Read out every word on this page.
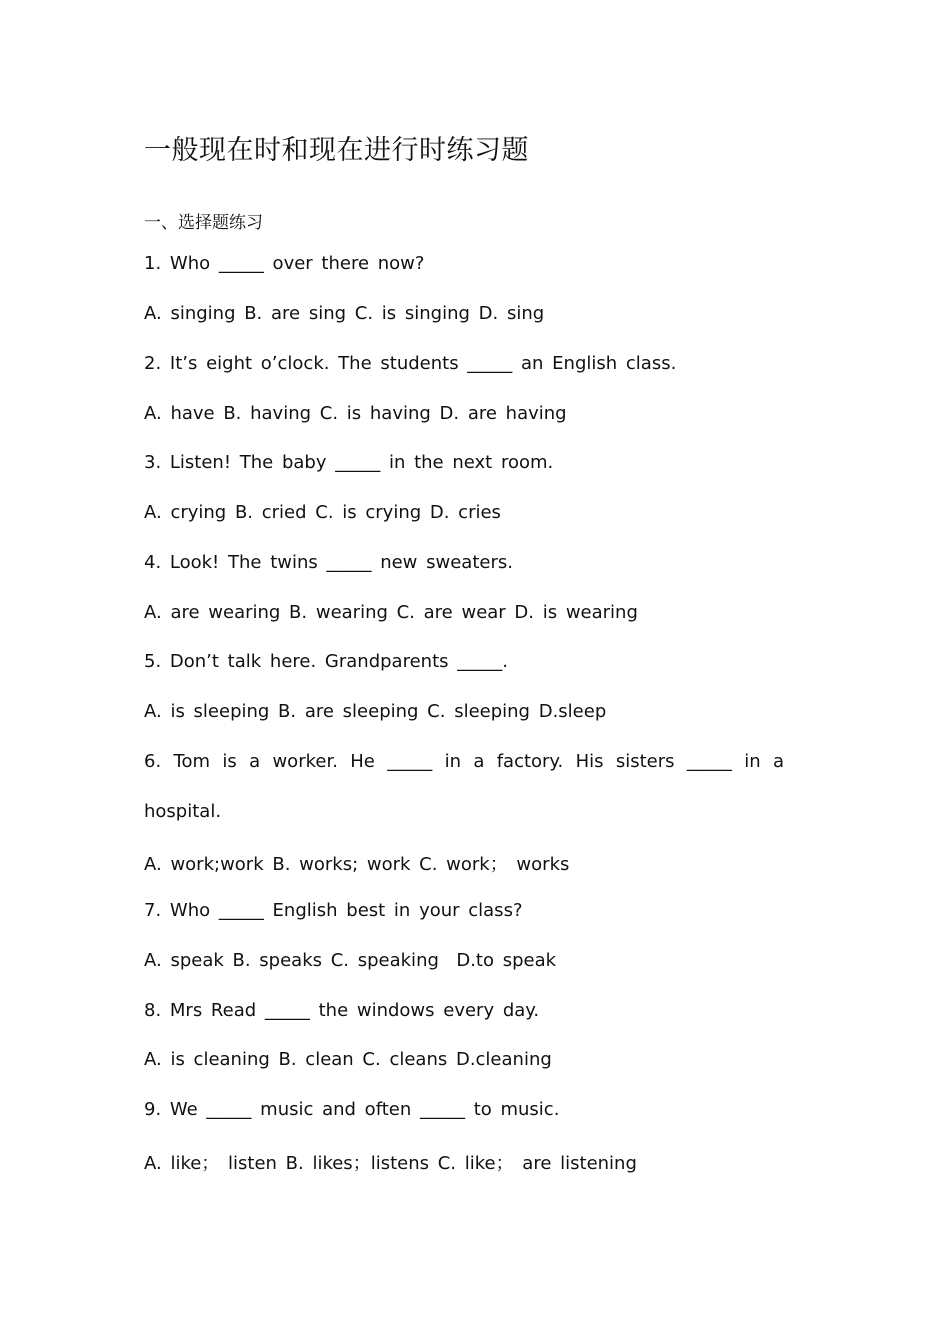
一般现在时和现在进行时练习题
一、选择题练习
1. Who _____ over there now?
A. singing B. are sing C. is singing D. sing
2. It’s eight o’clock. The students _____ an English class.
A. have B. having C. is having D. are having
3. Listen! The baby _____ in the next room.
A. crying B. cried C. is crying D. cries
4. Look! The twins _____ new sweaters.
A. are wearing B. wearing C. are wear D. is wearing
5. Don’t talk here. Grandparents _____.
A. is sleeping B. are sleeping C. sleeping D.sleep
6. Tom is a worker. He _____ in a factory. His sisters _____ in a
hospital.
A. work;work B. works; work C. work； works
7. Who _____ English best in your class?
A. speak B. speaks C. speaking  D.to speak
8. Mrs Read _____ the windows every day.
A. is cleaning B. clean C. cleans D.cleaning
9. We _____ music and often _____ to music.
A. like； listen B. likes；listens C. like； are listening
